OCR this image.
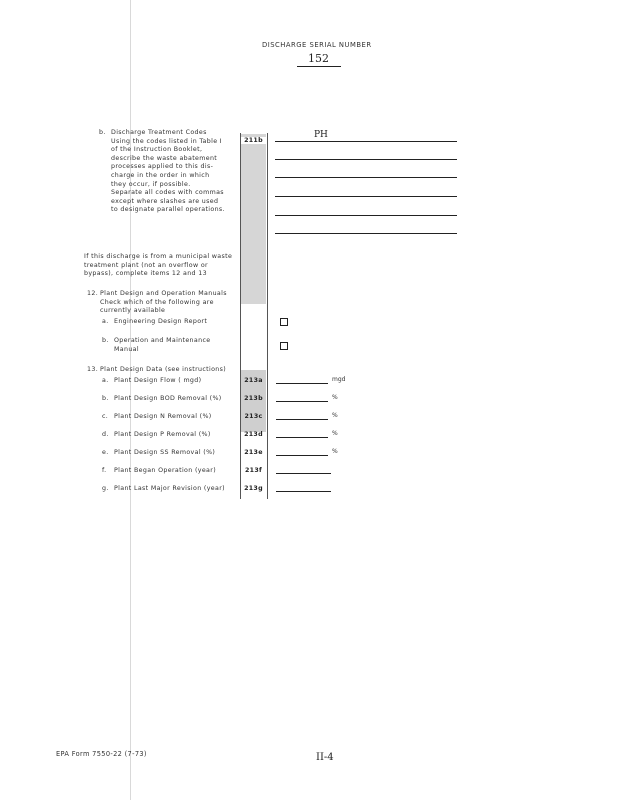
DISCHARGE SERIAL NUMBER
152
b. Discharge Treatment Codes
Using the codes listed in Table I
of the Instruction Booklet,
describe the waste abatement
processes applied to this dis-
charge in the order in which
they occur, if possible.
Separate all codes with commas
except where slashes are used
to designate parallel operations.
211b
PH
If this discharge is from a municipal waste
treatment plant (not an overflow or
bypass), complete items 12 and 13
12. Plant Design and Operation Manuals
Check which of the following are
currently available
a. Engineering Design Report
b. Operation and Maintenance
Manual
13. Plant Design Data (see instructions)
a. Plant Design Flow ( mgd)	213a	mgd
b. Plant Design BOD Removal (%)	213b	%
c. Plant Design N Removal (%)	213c	%
d. Plant Design P Removal (%)	213d	%
e. Plant Design SS Removal (%)	213e	%
f. Plant Began Operation (year)	213f
g. Plant Last Major Revision (year)	213g
EPA Form 7550-22 (7-73)	II-4
